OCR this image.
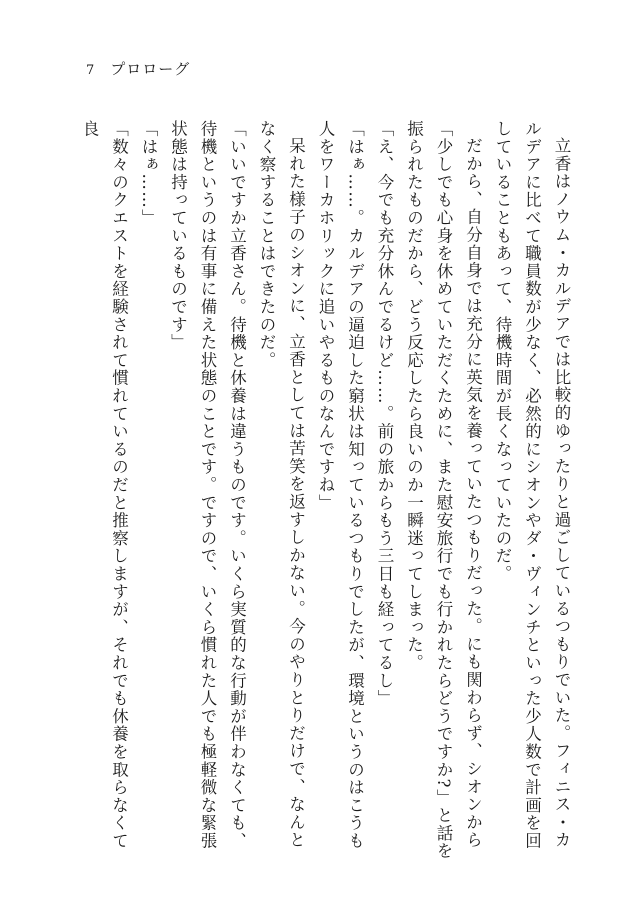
7 プロローグ

立香はノウム・カルデアでは比較的ゆったりと過ごしているつもりでいた。フィニス・カルデアに比べて職員数が少なく、必然的にシオンやダ・ヴィンチといった少人数で計画を回していることもあって、待機時間が長くなっていたのだ。

だから、自分自身では充分に英気を養っていたつもりだった。にも関わらず、シオンから「少しでも心身を休めていただくために、また慰安旅行でも行かれたらどうですか?」と話を振られたものだから、どう反応したら良いのか一瞬迷ってしまった。

「え、今でも充分休んでるけど……。前の旅からもう三日も経ってるし」

「はぁ……。カルデアの逼迫した窮状は知っているつもりでしたが、環境というのはこうも人をワーカホリックに追いやるものなんですね」

呆れた様子のシオンに、立香としては苦笑を返すしかない。今のやりとりだけで、なんとなく察することはできたのだ。

「いいですか立香さん。待機と休養は違うものです。いくら実質的な行動が伴わなくても、待機というのは有事に備えた状態のことです。ですので、いくら慣れた人でも極軽微な緊張状態は持っているものです」

「はぁ……」

「数々のクエストを経験されて慣れているのだと推察しますが、それでも休養を取らなくて良
